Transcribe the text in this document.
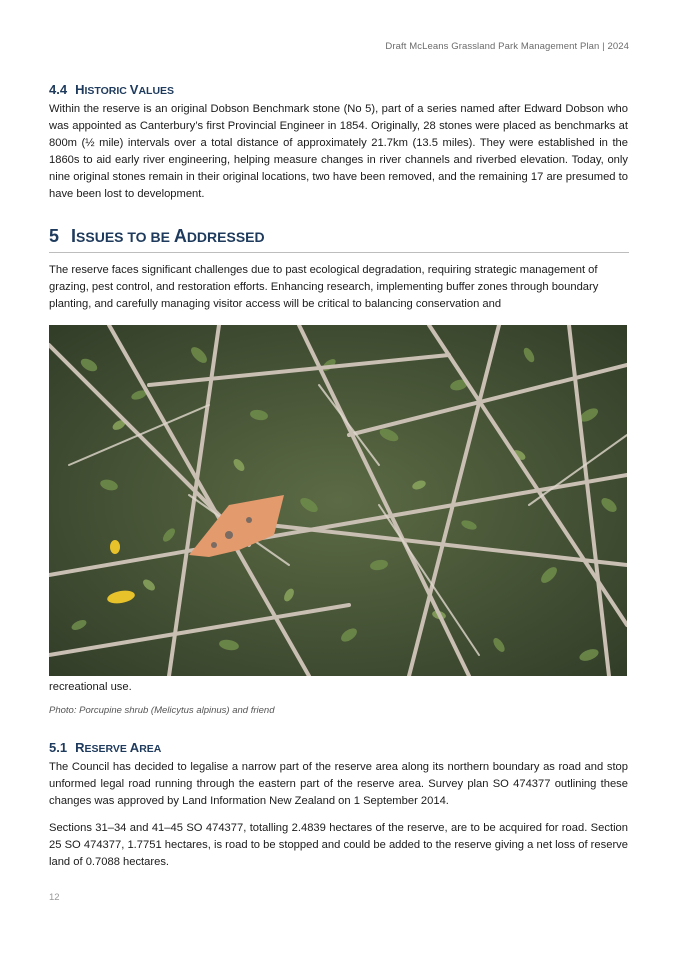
Draft McLeans Grassland Park Management Plan | 2024
4.4 HISTORIC VALUES
Within the reserve is an original Dobson Benchmark stone (No 5), part of a series named after Edward Dobson who was appointed as Canterbury’s first Provincial Engineer in 1854. Originally, 28 stones were placed as benchmarks at 800m (½ mile) intervals over a total distance of approximately 21.7km (13.5 miles). They were established in the 1860s to aid early river engineering, helping measure changes in river channels and riverbed elevation. Today, only nine original stones remain in their original locations, two have been removed, and the remaining 17 are presumed to have been lost to development.
5 ISSUES TO BE ADDRESSED
The reserve faces significant challenges due to past ecological degradation, requiring strategic management of grazing, pest control, and restoration efforts. Enhancing research, implementing buffer zones through boundary planting, and carefully managing visitor access will be critical to balancing conservation and
recreational use.
Photo: Porcupine shrub (Melicytus alpinus) and friend
5.1 RESERVE AREA
The Council has decided to legalise a narrow part of the reserve area along its northern boundary as road and stop unformed legal road running through the eastern part of the reserve area. Survey plan SO 474377 outlining these changes was approved by Land Information New Zealand on 1 September 2014.
Sections 31–34 and 41–45 SO 474377, totalling 2.4839 hectares of the reserve, are to be acquired for road. Section 25 SO 474377, 1.7751 hectares, is road to be stopped and could be added to the reserve giving a net loss of reserve land of 0.7088 hectares.
12
